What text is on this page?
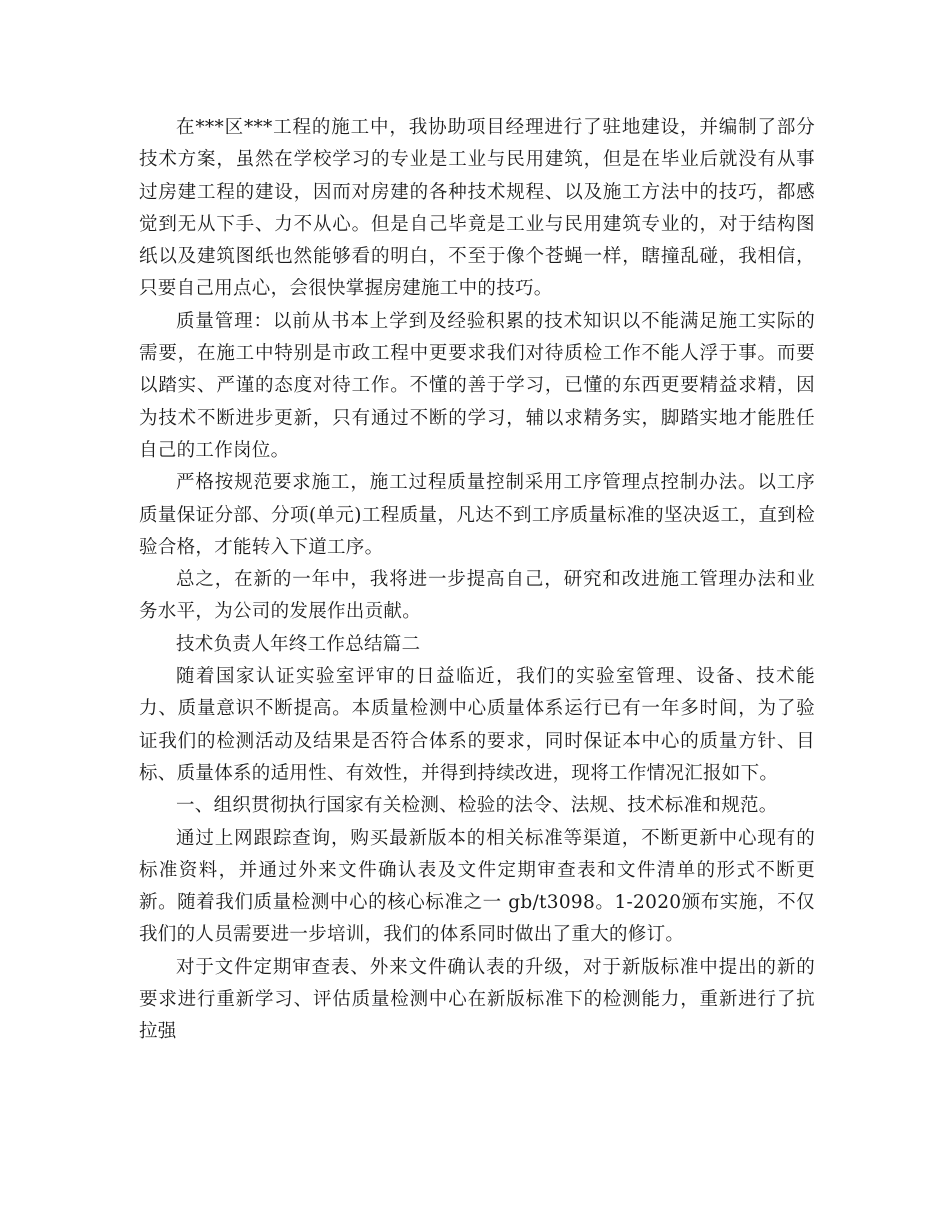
在***区***工程的施工中，我协助项目经理进行了驻地建设，并编制了部分技术方案，虽然在学校学习的专业是工业与民用建筑，但是在毕业后就没有从事过房建工程的建设，因而对房建的各种技术规程、以及施工方法中的技巧，都感觉到无从下手、力不从心。但是自己毕竟是工业与民用建筑专业的，对于结构图纸以及建筑图纸也然能够看的明白，不至于像个苍蝇一样，瞎撞乱碰，我相信，只要自己用点心，会很快掌握房建施工中的技巧。

质量管理：以前从书本上学到及经验积累的技术知识以不能满足施工实际的需要，在施工中特别是市政工程中更要求我们对待质检工作不能人浮于事。而要以踏实、严谨的态度对待工作。不懂的善于学习，已懂的东西更要精益求精，因为技术不断进步更新，只有通过不断的学习，辅以求精务实，脚踏实地才能胜任自己的工作岗位。

严格按规范要求施工，施工过程质量控制采用工序管理点控制办法。以工序质量保证分部、分项(单元)工程质量，凡达不到工序质量标准的坚决返工，直到检验合格，才能转入下道工序。

总之，在新的一年中，我将进一步提高自己，研究和改进施工管理办法和业务水平，为公司的发展作出贡献。

技术负责人年终工作总结篇二

随着国家认证实验室评审的日益临近，我们的实验室管理、设备、技术能力、质量意识不断提高。本质量检测中心质量体系运行已有一年多时间，为了验证我们的检测活动及结果是否符合体系的要求，同时保证本中心的质量方针、目标、质量体系的适用性、有效性，并得到持续改进，现将工作情况汇报如下。

一、组织贯彻执行国家有关检测、检验的法令、法规、技术标准和规范。

通过上网跟踪查询，购买最新版本的相关标准等渠道，不断更新中心现有的标准资料，并通过外来文件确认表及文件定期审查表和文件清单的形式不断更新。随着我们质量检测中心的核心标准之一 gb/t3098。1-2020颁布实施，不仅我们的人员需要进一步培训，我们的体系同时做出了重大的修订。

对于文件定期审查表、外来文件确认表的升级，对于新版标准中提出的新的要求进行重新学习、评估质量检测中心在新版标准下的检测能力，重新进行了抗拉强
